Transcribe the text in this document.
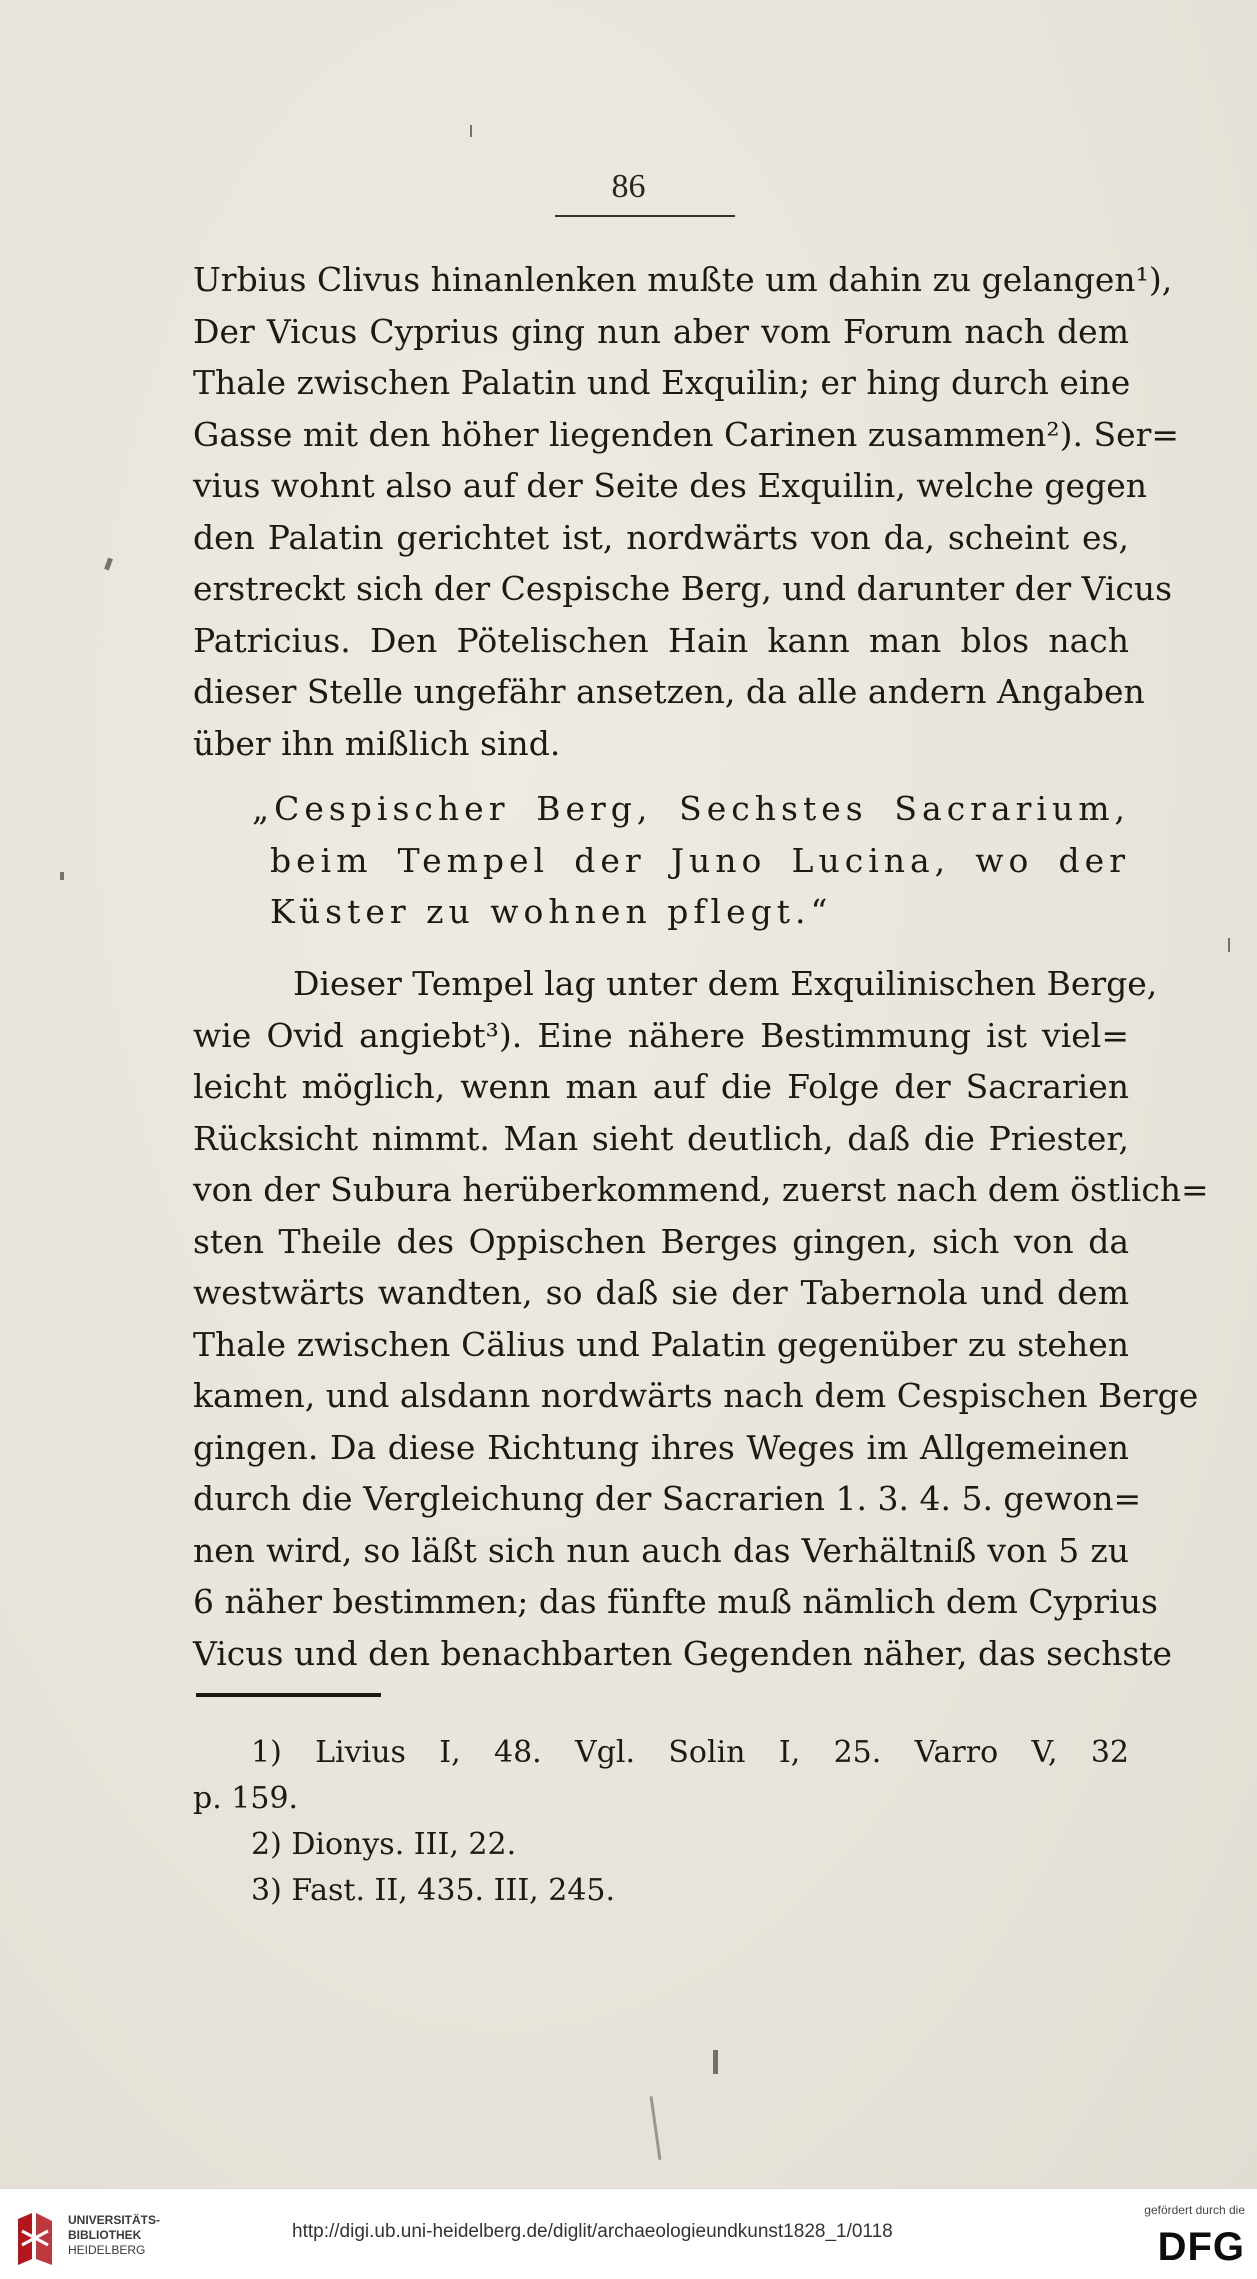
86
Urbius Clivus hinanlenken mußte um dahin zu gelangen¹),
Der Vicus Cyprius ging nun aber vom Forum nach dem
Thale zwischen Palatin und Exquilin; er hing durch eine
Gasse mit den höher liegenden Carinen zusammen²). Ser=
vius wohnt also auf der Seite des Exquilin, welche gegen
den Palatin gerichtet ist, nordwärts von da, scheint es,
erstreckt sich der Cespische Berg, und darunter der Vicus
Patricius. Den Pötelischen Hain kann man blos nach
dieser Stelle ungefähr ansetzen, da alle andern Angaben
über ihn mißlich sind.
„Cespischer Berg, Sechstes Sacrarium,
beim Tempel der Juno Lucina, wo der
Küster zu wohnen pflegt.“
Dieser Tempel lag unter dem Exquilinischen Berge,
wie Ovid angiebt³). Eine nähere Bestimmung ist viel=
leicht möglich, wenn man auf die Folge der Sacrarien
Rücksicht nimmt. Man sieht deutlich, daß die Priester,
von der Subura herüberkommend, zuerst nach dem östlich=
sten Theile des Oppischen Berges gingen, sich von da
westwärts wandten, so daß sie der Tabernola und dem
Thale zwischen Cälius und Palatin gegenüber zu stehen
kamen, und alsdann nordwärts nach dem Cespischen Berge
gingen. Da diese Richtung ihres Weges im Allgemeinen
durch die Vergleichung der Sacrarien 1. 3. 4. 5. gewon=
nen wird, so läßt sich nun auch das Verhältniß von 5 zu
6 näher bestimmen; das fünfte muß nämlich dem Cyprius
Vicus und den benachbarten Gegenden näher, das sechste
1) Livius I, 48. Vgl. Solin I, 25. Varro V, 32
p. 159.
2) Dionys. III, 22.
3) Fast. II, 435. III, 245.
UNIVERSITÄTS-
BIBLIOTHEK
HEIDELBERG
http://digi.ub.uni-heidelberg.de/diglit/archaeologieundkunst1828_1/0118
gefördert durch die
DFG
